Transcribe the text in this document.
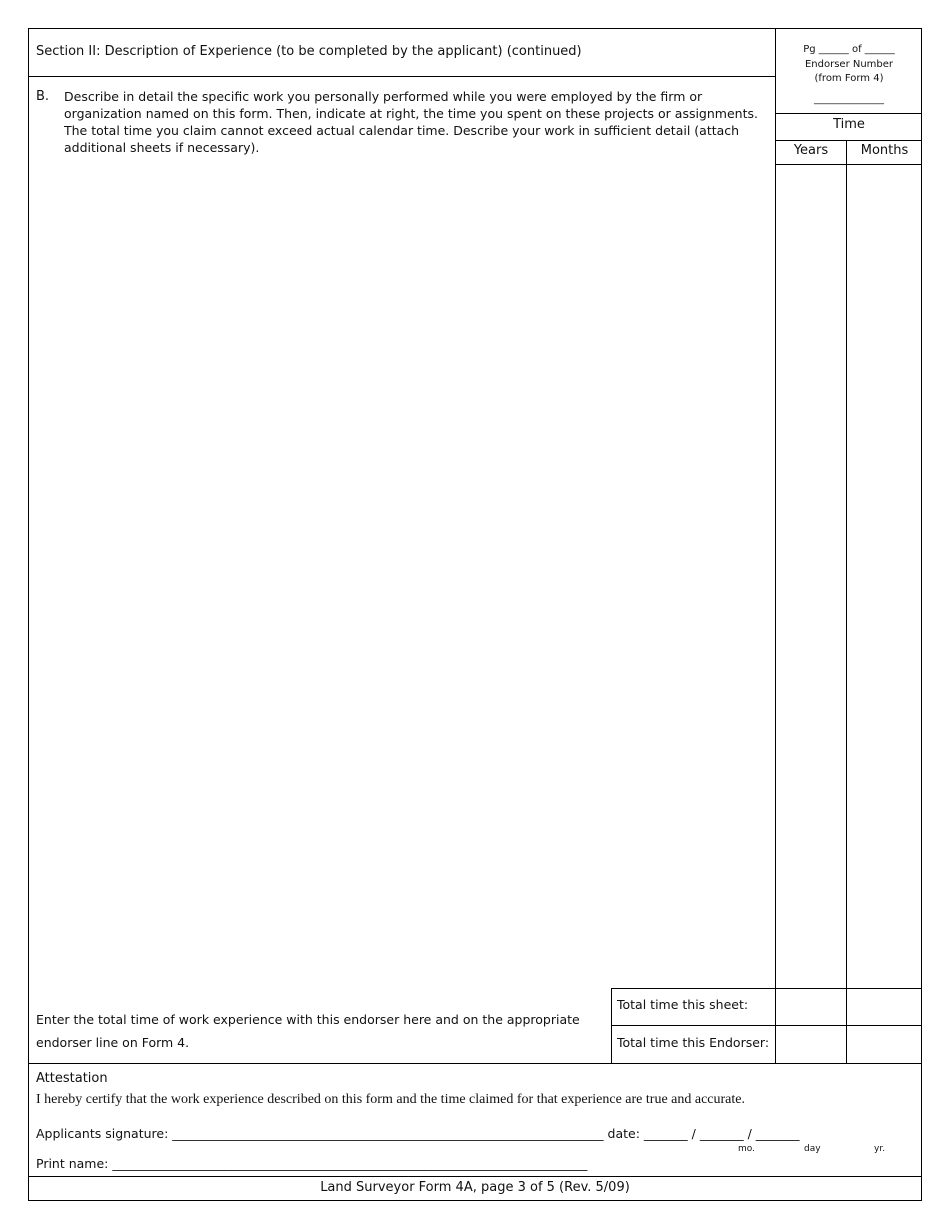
Section II: Description of Experience (to be completed by the applicant) (continued)	Pg ______ of ______
Endorser Number
(from Form 4)
______________
Time
Years	Months
B. Describe in detail the specific work you personally performed while you were employed by the firm or organization named on this form. Then, indicate at right, the time you spent on these projects or assignments. The total time you claim cannot exceed actual calendar time. Describe your work in sufficient detail (attach additional sheets if necessary).
Enter the total time of work experience with this endorser here and on the appropriate endorser line on Form 4.
Total time this sheet:
Total time this Endorser:
Attestation
I hereby certify that the work experience described on this form and the time claimed for that experience are true and accurate.
Applicants signature: _____________________________________________________________________ date: _______ / _______ / _______
mo.	day	yr.
Print name: ____________________________________________________________________________
Land Surveyor Form 4A, page 3 of 5 (Rev. 5/09)
